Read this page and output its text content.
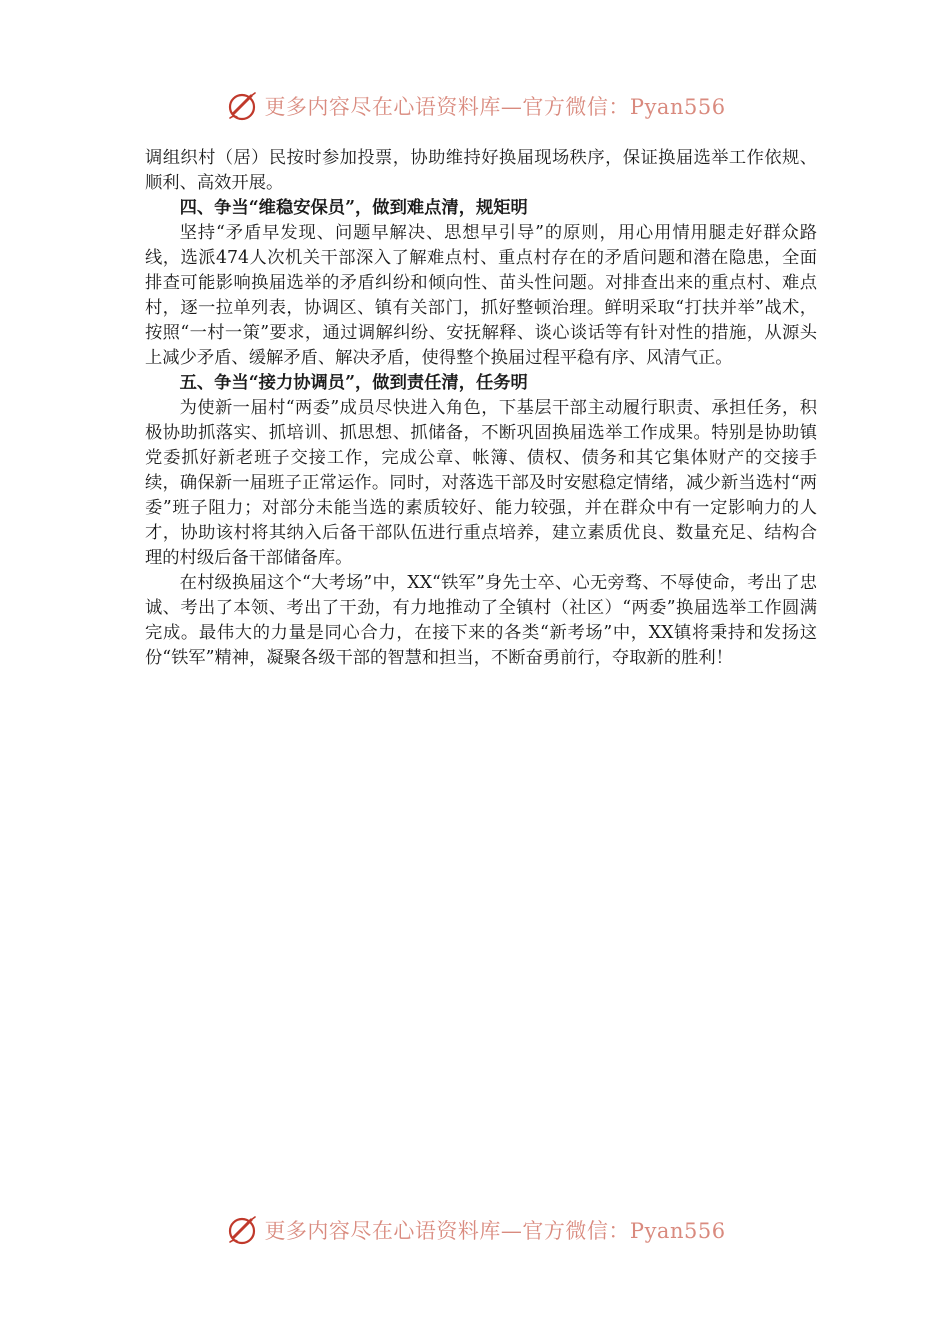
更多内容尽在心语资料库—官方微信：Pyan556

调组织村（居）民按时参加投票，协助维持好换届现场秩序，保证换届选举工作依规、顺利、高效开展。

四、争当“维稳安保员”，做到难点清，规矩明

坚持“矛盾早发现、问题早解决、思想早引导”的原则，用心用情用腿走好群众路线，选派474人次机关干部深入了解难点村、重点村存在的矛盾问题和潜在隐患，全面排查可能影响换届选举的矛盾纠纷和倾向性、苗头性问题。对排查出来的重点村、难点村，逐一拉单列表，协调区、镇有关部门，抓好整顿治理。鲜明采取“打扶并举”战术，按照“一村一策”要求，通过调解纠纷、安抚解释、谈心谈话等有针对性的措施，从源头上减少矛盾、缓解矛盾、解决矛盾，使得整个换届过程平稳有序、风清气正。

五、争当“接力协调员”，做到责任清，任务明

为使新一届村“两委”成员尽快进入角色，下基层干部主动履行职责、承担任务，积极协助抓落实、抓培训、抓思想、抓储备，不断巩固换届选举工作成果。特别是协助镇党委抓好新老班子交接工作，完成公章、帐簿、债权、债务和其它集体财产的交接手续，确保新一届班子正常运作。同时，对落选干部及时安慰稳定情绪，减少新当选村“两委”班子阻力；对部分未能当选的素质较好、能力较强，并在群众中有一定影响力的人才，协助该村将其纳入后备干部队伍进行重点培养，建立素质优良、数量充足、结构合理的村级后备干部储备库。

在村级换届这个“大考场”中，XX“铁军”身先士卒、心无旁骛、不辱使命，考出了忠诚、考出了本领、考出了干劲，有力地推动了全镇村（社区）“两委”换届选举工作圆满完成。最伟大的力量是同心合力，在接下来的各类“新考场”中，XX镇将秉持和发扬这份“铁军”精神，凝聚各级干部的智慧和担当，不断奋勇前行，夺取新的胜利！

更多内容尽在心语资料库—官方微信：Pyan556
